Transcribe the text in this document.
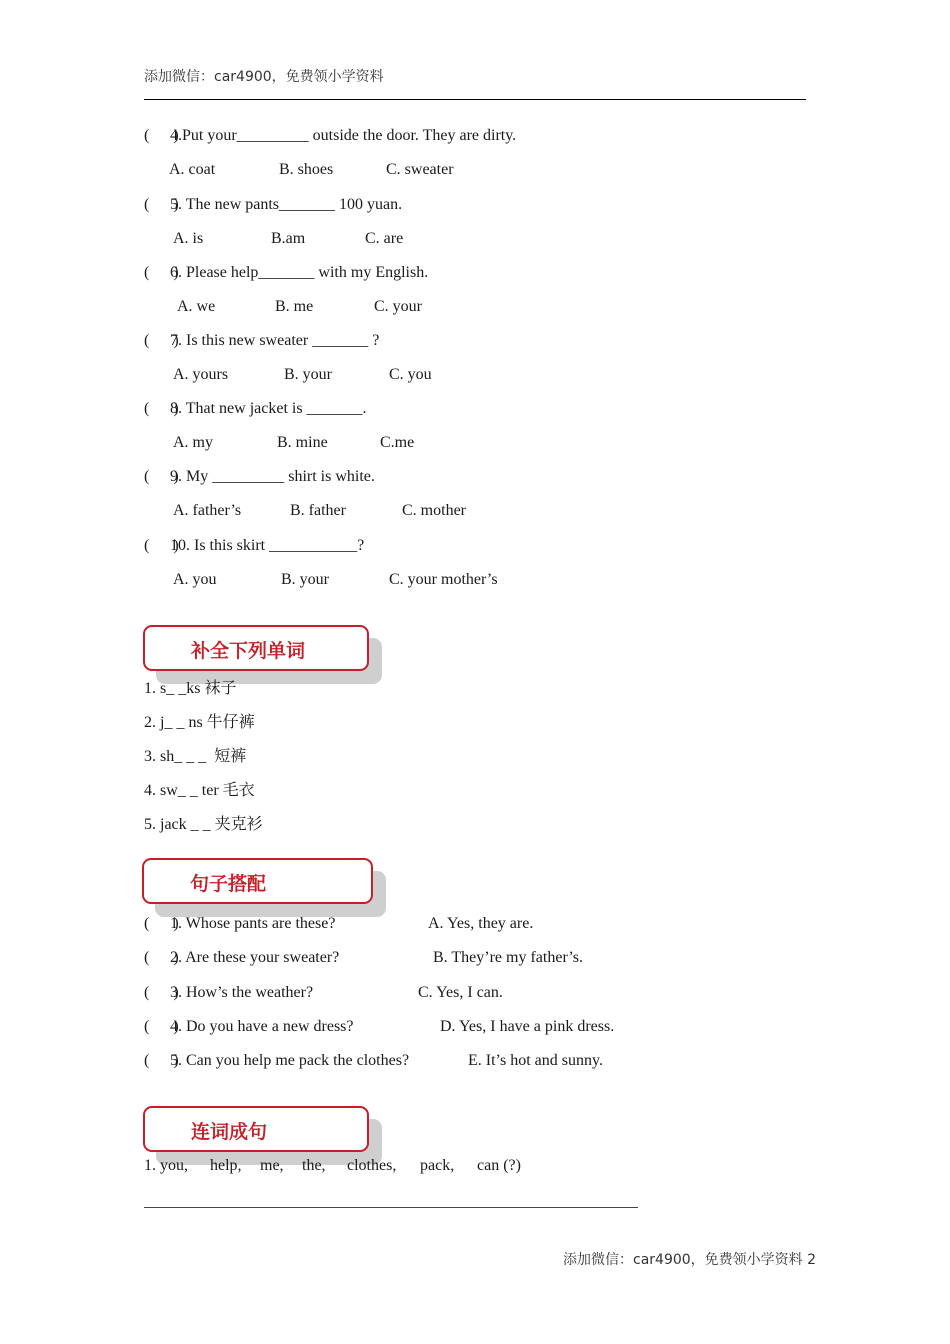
添加微信：car4900，免费领小学资料
(      )
4.Put your_________ outside the door. They are dirty.
A. coat	B. shoes	C. sweater
(      )
5. The new pants_______ 100 yuan.
A. is	B.am	C. are
(      )
6. Please help_______ with my English.
A. we	B. me	C. your
(      )
7. Is this new sweater _______ ?
A. yours	B. your	C. you
(      )
8. That new jacket is _______.
A. my	B. mine	C.me
(      )
9. My _________ shirt is white.
A. father’s	B. father	C. mother
(      )
10. Is this skirt ___________?
A. you	B. your	C. your mother’s
补全下列单词
1. s_ _ks 袜子
2. j_ _ ns 牛仔裤
3. sh_ _ _  短裤
4. sw_ _ ter 毛衣
5. jack _ _ 夹克衫
句子搭配
(      )
1. Whose pants are these?	A. Yes, they are.
(      )
2. Are these your sweater?	B. They’re my father’s.
(      )
3. How’s the weather?	C. Yes, I can.
(      )
4. Do you have a new dress?	D. Yes, I have a pink dress.
(      )
5. Can you help me pack the clothes?	E. It’s hot and sunny.
连词成句
1. you, help, me, the, clothes, pack, can (?)
添加微信：car4900，免费领小学资料 2
